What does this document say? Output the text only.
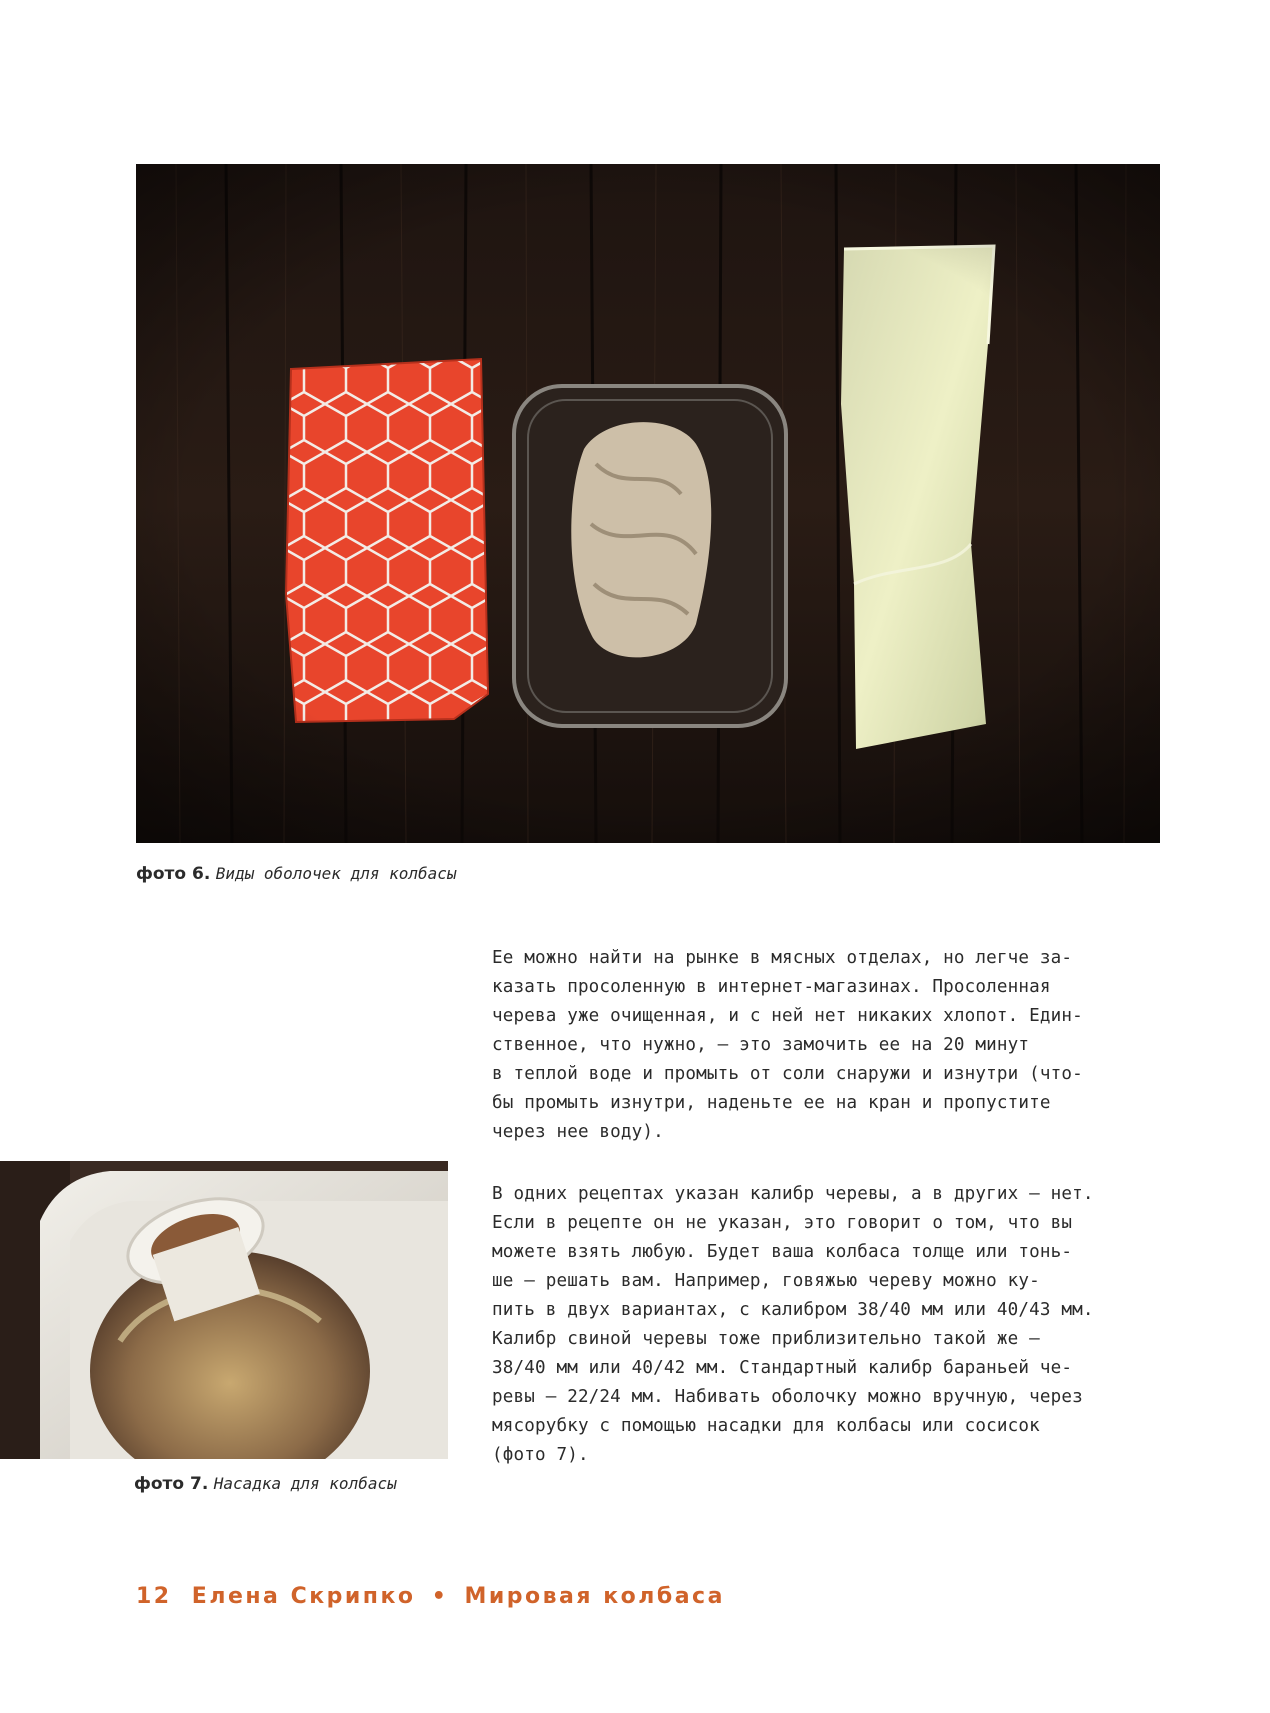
фото 6. Виды оболочек для колбасы
фото 7. Насадка для колбасы
Ее можно найти на рынке в мясных отделах, но легче за-
казать просоленную в интернет-магазинах. Просоленная
черева уже очищенная, и с ней нет никаких хлопот. Един-
ственное, что нужно, – это замочить ее на 20 минут
в теплой воде и промыть от соли снаружи и изнутри (что-
бы промыть изнутри, наденьте ее на кран и пропустите
через нее воду).
В одних рецептах указан калибр черевы, а в других – нет.
Если в рецепте он не указан, это говорит о том, что вы
можете взять любую. Будет ваша колбаса толще или тонь-
ше – решать вам. Например, говяжью череву можно ку-
пить в двух вариантах, с калибром 38/40 мм или 40/43 мм.
Калибр свиной черевы тоже приблизительно такой же –
38/40 мм или 40/42 мм. Стандартный калибр бараньей че-
ревы – 22/24 мм. Набивать оболочку можно вручную, через
мясорубку с помощью насадки для колбасы или сосисок
(фото 7).
12 Елена Скрипко • Мировая колбаса
